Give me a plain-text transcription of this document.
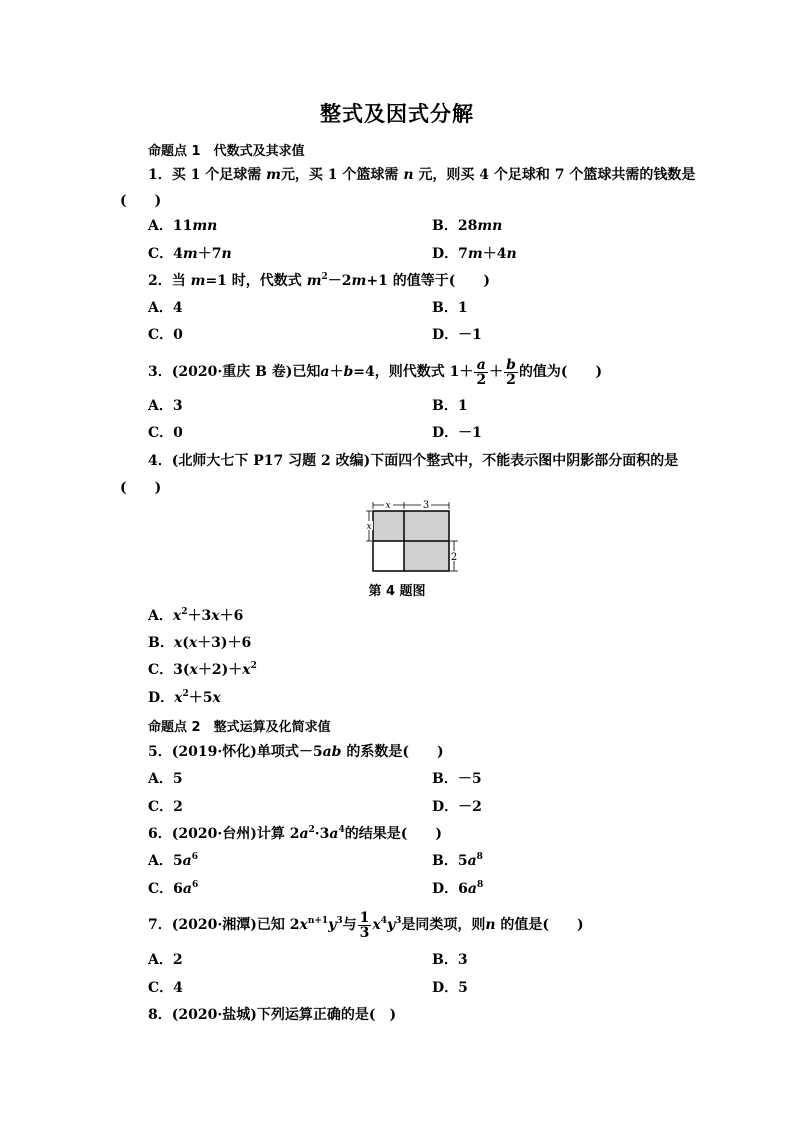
整式及因式分解
命题点 1　代数式及其求值
1．买 1 个足球需 m元，买 1 个篮球需 n 元，则买 4 个足球和 7 个篮球共需的钱数是
(　　)
A．11mn	B．28mn
C．4m＋7n	D．7m＋4n
2．当 m=1 时，代数式 $m^2-2m+1$ 的值等于(　　)
A．4	B．1
C．0	D．－1
3．(2020·重庆 B 卷)已知a＋b=4，则代数式 $1+ \frac{a}{2} + \frac{b}{2}$ 的值为(　　)
A．3	B．1
C．0	D．－1
4．(北师大七下 P17 习题 2 改编)下面四个整式中，不能表示图中阴影部分面积的是
(　　)
x	3
x
2
第 4 题图
A．$x^2+3x+6$
B．x(x＋3)＋6
C．$3(x+2)+x^2$
D．$x^2+5x$
命题点 2　整式运算及化简求值
5．(2019·怀化)单项式－5ab 的系数是(　　)
A．5	B．－5
C．2	D．－2
6．(2020·台州)计算 $2a^2\cdot 3a^4$的结果是(　　)
A．$5a^6$	B．$5a^8$
C．$6a^6$	D．$6a^8$
7．(2020·湘潭)已知 $2x^{n+1}y^3$与 $\frac{1}{3} x^4y^3$是同类项，则n 的值是(　　)
A．2	B．3
C．4	D．5
8．(2020·盐城)下列运算正确的是(　)
